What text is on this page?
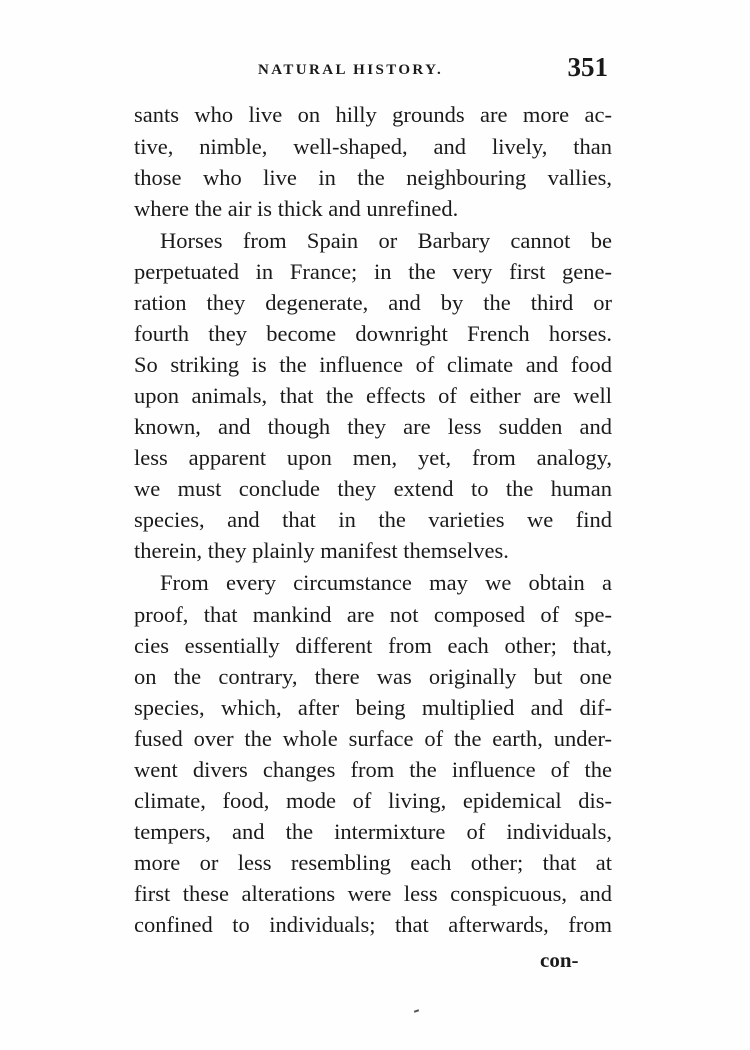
NATURAL HISTORY.	351
sants who live on hilly grounds are more ac-
tive, nimble, well-shaped, and lively, than
those who live in the neighbouring vallies,
where the air is thick and unrefined.
Horses from Spain or Barbary cannot be
perpetuated in France; in the very first gene-
ration they degenerate, and by the third or
fourth they become downright French horses.
So striking is the influence of climate and food
upon animals, that the effects of either are well
known, and though they are less sudden and
less apparent upon men, yet, from analogy,
we must conclude they extend to the human
species, and that in the varieties we find
therein, they plainly manifest themselves.
From every circumstance may we obtain a
proof, that mankind are not composed of spe-
cies essentially different from each other; that,
on the contrary, there was originally but one
species, which, after being multiplied and dif-
fused over the whole surface of the earth, under-
went divers changes from the influence of the
climate, food, mode of living, epidemical dis-
tempers, and the intermixture of individuals,
more or less resembling each other; that at
first these alterations were less conspicuous, and
confined to individuals; that afterwards, from
con-
